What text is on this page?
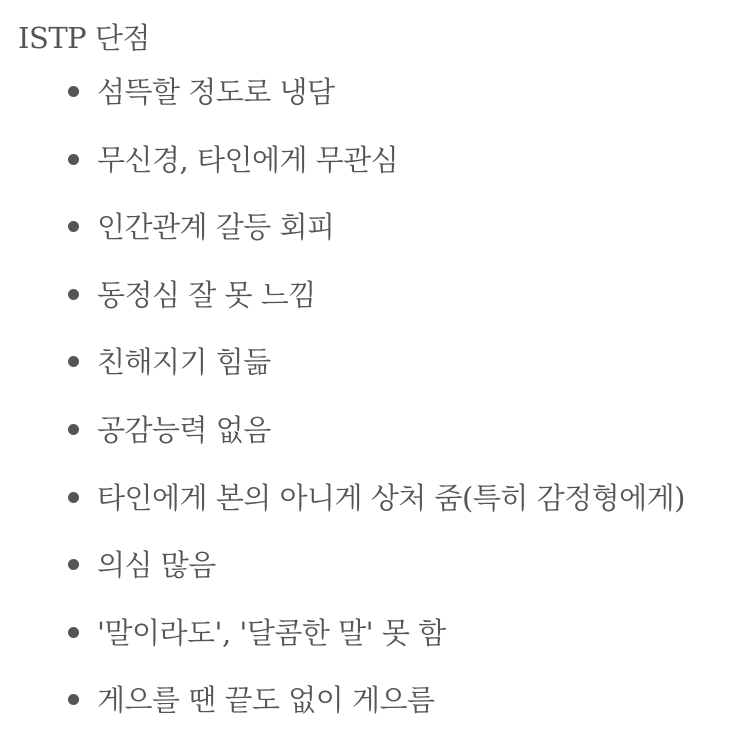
ISTP 단점
섬뜩할 정도로 냉담
무신경, 타인에게 무관심
인간관계 갈등 회피
동정심 잘 못 느낌
친해지기 힘듦
공감능력 없음
타인에게 본의 아니게 상처 줌(특히 감정형에게)
의심 많음
'말이라도', '달콤한 말' 못 함
게으를 땐 끝도 없이 게으름
